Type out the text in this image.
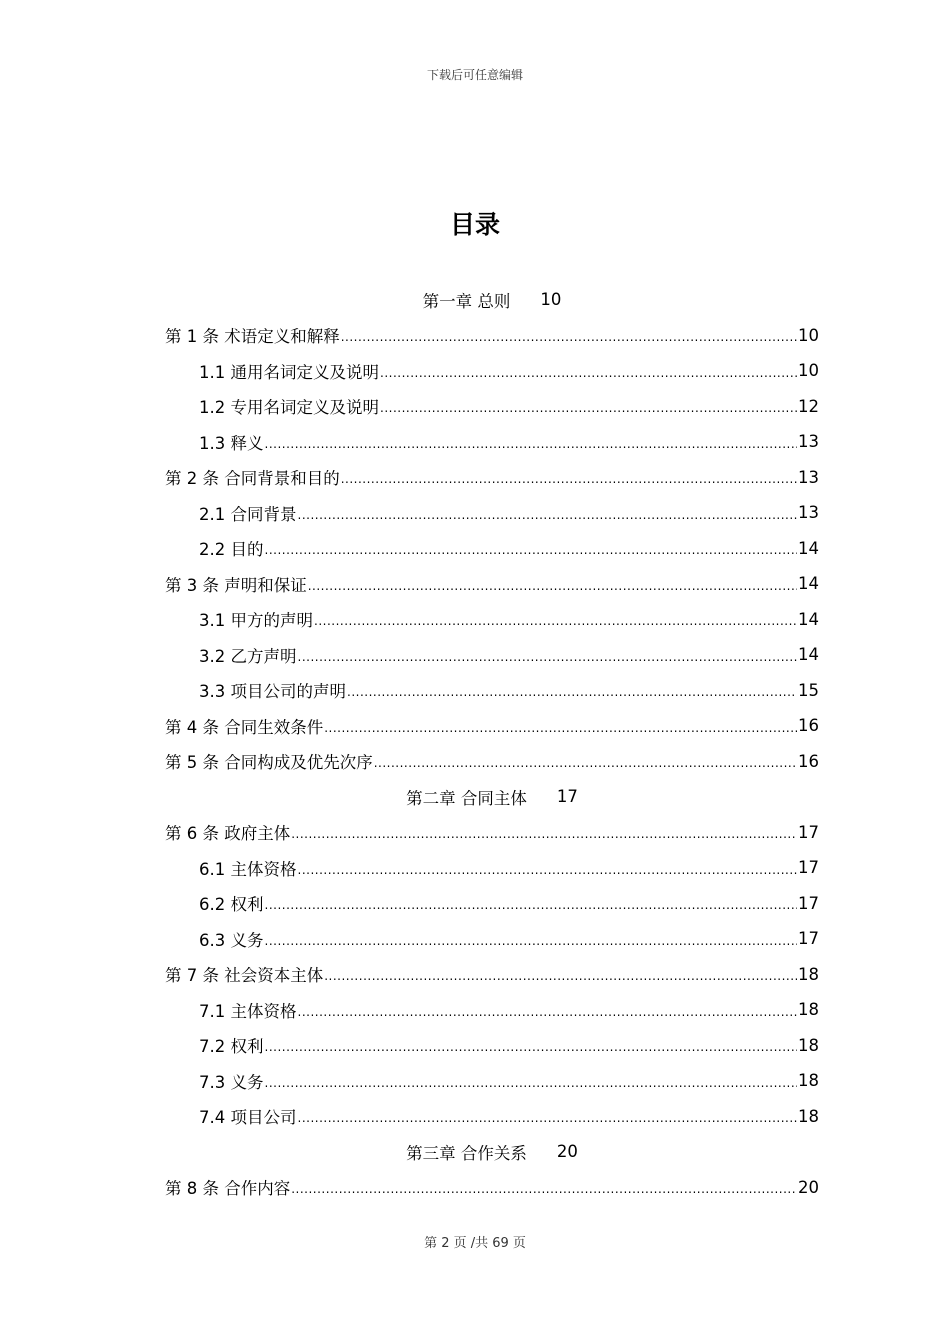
下载后可任意编辑
目录
第一章 总则 10
第 1 条 术语定义和解释 .....	10
1.1 通用名词定义及说明 .....	10
1.2 专用名词定义及说明 .....	12
1.3 释义 .....	13
第 2 条 合同背景和目的 .....	13
2.1 合同背景 .....	13
2.2 目的 .....	14
第 3 条 声明和保证 .....	14
3.1 甲方的声明 .....	14
3.2 乙方声明 .....	14
3.3 项目公司的声明 .....	15
第 4 条 合同生效条件 .....	16
第 5 条 合同构成及优先次序 .....	16
第二章 合同主体 17
第 6 条 政府主体 .....	17
6.1 主体资格 .....	17
6.2 权利 .....	17
6.3 义务 .....	17
第 7 条 社会资本主体 .....	18
7.1 主体资格 .....	18
7.2 权利 .....	18
7.3 义务 .....	18
7.4 项目公司 .....	18
第三章 合作关系 20
第 8 条 合作内容 .....	20
第 2 页 /共 69 页
